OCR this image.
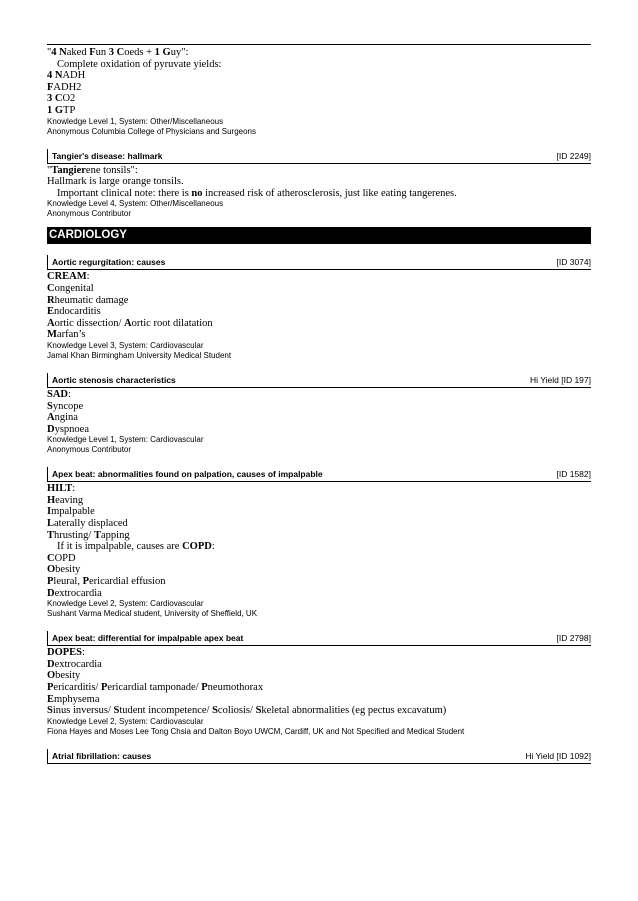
"4 Naked Fun 3 Coeds + 1 Guy":
Complete oxidation of pyruvate yields:
4 NADH
FADH2
3 CO2
1 GTP
Knowledge Level 1, System: Other/Miscellaneous
Anonymous Columbia College of Physicians and Surgeons
Tangier's disease: hallmark	[ID 2249]
"Tangierene tonsils":
Hallmark is large orange tonsils.
Important clinical note: there is no increased risk of atherosclerosis, just like eating tangerenes.
Knowledge Level 4, System: Other/Miscellaneous
Anonymous Contributor
CARDIOLOGY
Aortic regurgitation: causes	[ID 3074]
CREAM:
Congenital
Rheumatic damage
Endocarditis
Aortic dissection/ Aortic root dilatation
Marfan’s
Knowledge Level 3, System: Cardiovascular
Jamal Khan Birmingham University Medical Student
Aortic stenosis characteristics	Hi Yield [ID 197]
SAD:
Syncope
Angina
Dyspnoea
Knowledge Level 1, System: Cardiovascular
Anonymous Contributor
Apex beat: abnormalities found on palpation, causes of impalpable	[ID 1582]
HILT:
Heaving
Impalpable
Laterally displaced
Thrusting/ Tapping
If it is impalpable, causes are COPD:
COPD
Obesity
Pleural, Pericardial effusion
Dextrocardia
Knowledge Level 2, System: Cardiovascular
Sushant Varma Medical student, University of Sheffield, UK
Apex beat: differential for impalpable apex beat	[ID 2798]
DOPES:
Dextrocardia
Obesity
Pericarditis/ Pericardial tamponade/ Pneumothorax
Emphysema
Sinus inversus/ Student incompetence/ Scoliosis/ Skeletal abnormalities (eg pectus excavatum)
Knowledge Level 2, System: Cardiovascular
Fiona Hayes and Moses Lee Tong Chsia and Dalton Boyo UWCM, Cardiff, UK and Not Specified and Medical Student
Atrial fibrillation: causes	Hi Yield [ID 1092]
